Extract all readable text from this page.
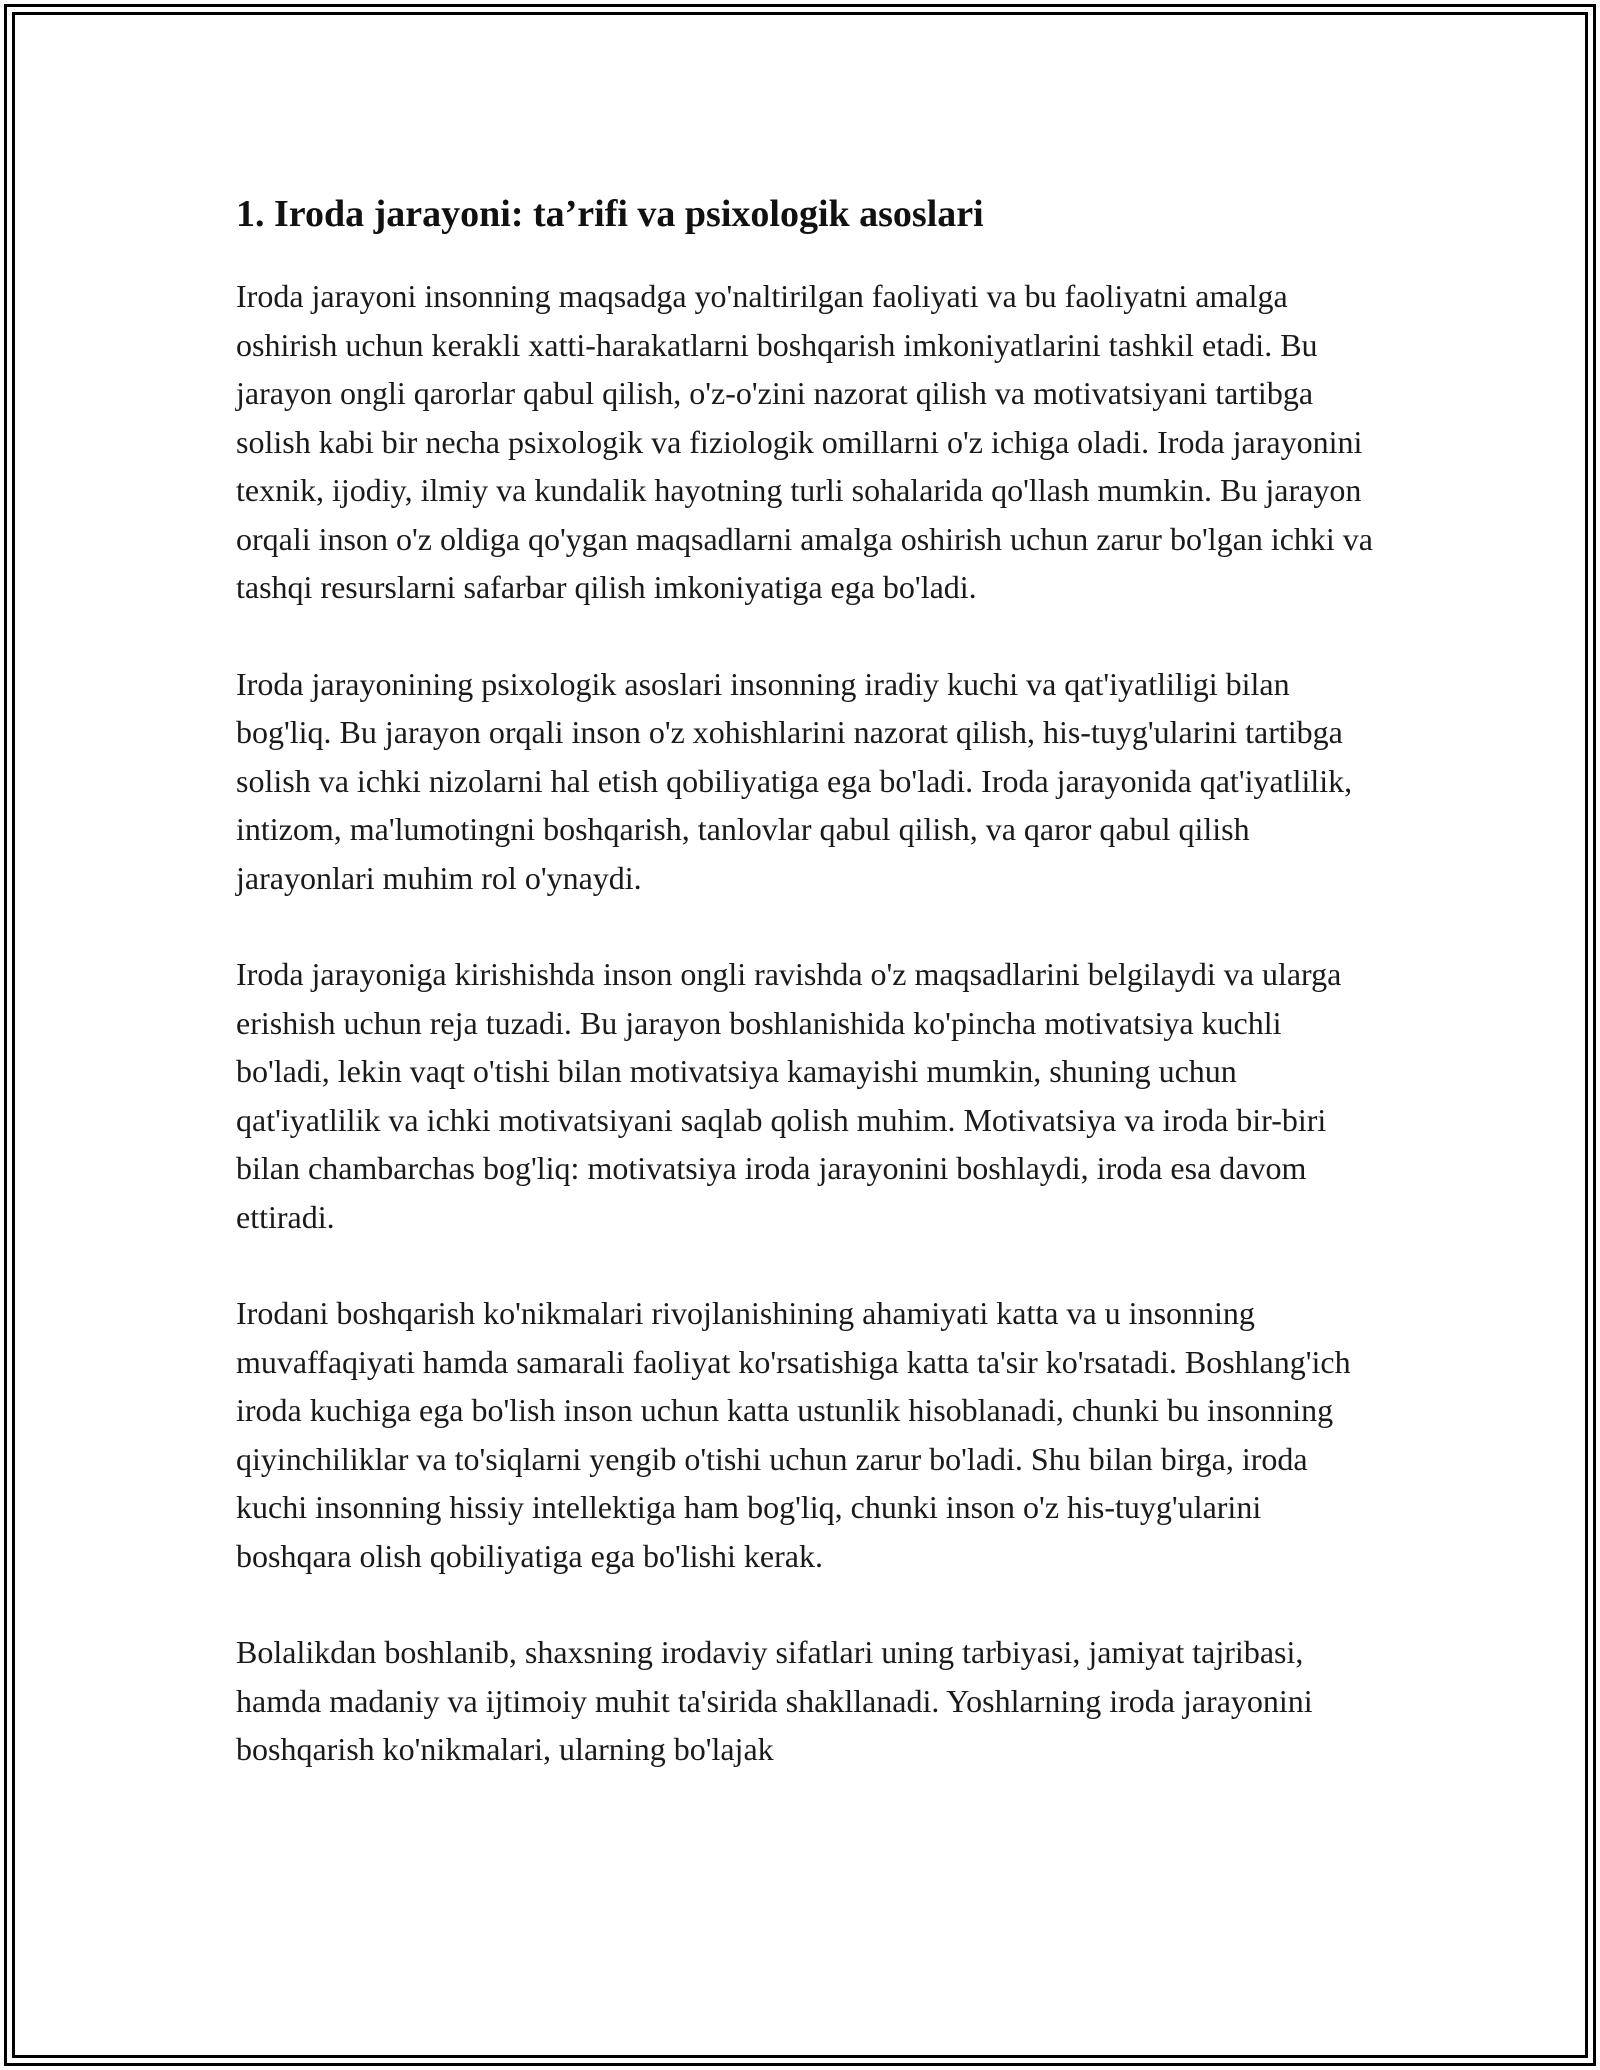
1. Iroda jarayoni: ta’rifi va psixologik asoslari

Iroda jarayoni insonning maqsadga yo'naltirilgan faoliyati va bu faoliyatni amalga oshirish uchun kerakli xatti-harakatlarni boshqarish imkoniyatlarini tashkil etadi. Bu jarayon ongli qarorlar qabul qilish, o'z-o'zini nazorat qilish va motivatsiyani tartibga solish kabi bir necha psixologik va fiziologik omillarni o'z ichiga oladi. Iroda jarayonini texnik, ijodiy, ilmiy va kundalik hayotning turli sohalarida qo'llash mumkin. Bu jarayon orqali inson o'z oldiga qo'ygan maqsadlarni amalga oshirish uchun zarur bo'lgan ichki va tashqi resurslarni safarbar qilish imkoniyatiga ega bo'ladi.

Iroda jarayonining psixologik asoslari insonning iradiy kuchi va qat'iyatliligi bilan bog'liq. Bu jarayon orqali inson o'z xohishlarini nazorat qilish, his-tuyg'ularini tartibga solish va ichki nizolarni hal etish qobiliyatiga ega bo'ladi. Iroda jarayonida qat'iyatlilik, intizom, ma'lumotingni boshqarish, tanlovlar qabul qilish, va qaror qabul qilish jarayonlari muhim rol o'ynaydi.

Iroda jarayoniga kirishishda inson ongli ravishda o'z maqsadlarini belgilaydi va ularga erishish uchun reja tuzadi. Bu jarayon boshlanishida ko'pincha motivatsiya kuchli bo'ladi, lekin vaqt o'tishi bilan motivatsiya kamayishi mumkin, shuning uchun qat'iyatlilik va ichki motivatsiyani saqlab qolish muhim. Motivatsiya va iroda bir-biri bilan chambarchas bog'liq: motivatsiya iroda jarayonini boshlaydi, iroda esa davom ettiradi.

Irodani boshqarish ko'nikmalari rivojlanishining ahamiyati katta va u insonning muvaffaqiyati hamda samarali faoliyat ko'rsatishiga katta ta'sir ko'rsatadi. Boshlang'ich iroda kuchiga ega bo'lish inson uchun katta ustunlik hisoblanadi, chunki bu insonning qiyinchiliklar va to'siqlarni yengib o'tishi uchun zarur bo'ladi. Shu bilan birga, iroda kuchi insonning hissiy intellektiga ham bog'liq, chunki inson o'z his-tuyg'ularini boshqara olish qobiliyatiga ega bo'lishi kerak.

Bolalikdan boshlanib, shaxsning irodaviy sifatlari uning tarbiyasi, jamiyat tajribasi, hamda madaniy va ijtimoiy muhit ta'sirida shakllanadi. Yoshlarning iroda jarayonini boshqarish ko'nikmalari, ularning bo'lajak
